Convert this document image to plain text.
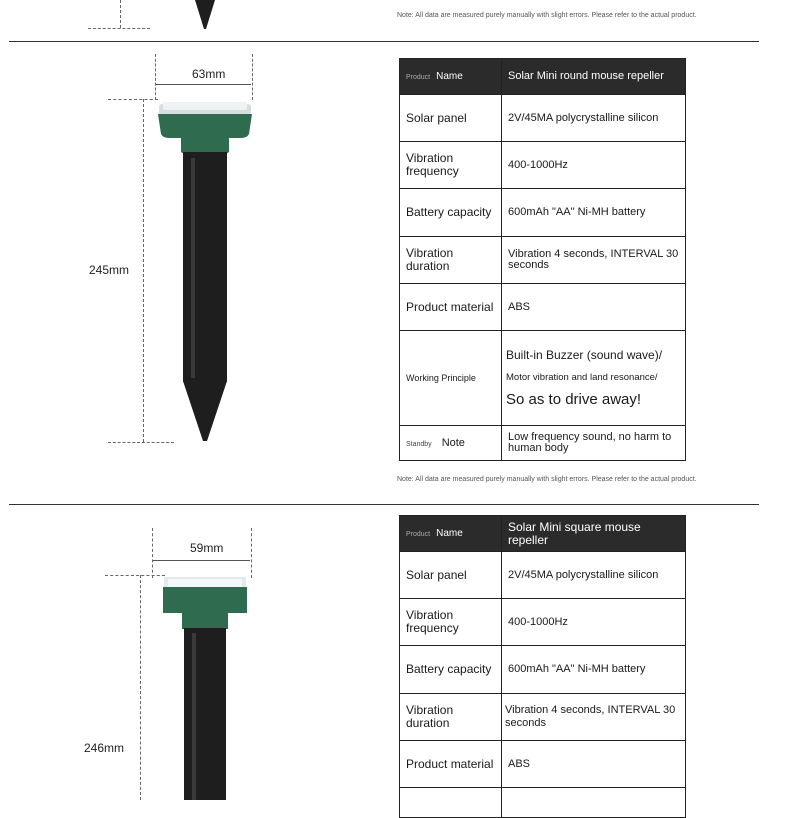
Note: All data are measured purely manually with slight errors. Please refer to the actual product.
63mm
245mm
Product Name	Solar Mini round mouse repeller
Solar panel	2V/45MA polycrystalline silicon
Vibration frequency	400-1000Hz
Battery capacity	600mAh "AA" Ni-MH battery
Vibration duration	Vibration 4 seconds, INTERVAL 30 seconds
Product material	ABS
Working Principle	Built-in Buzzer (sound wave)/
Motor vibration and land resonance/
So as to drive away!

Standby Note	Low frequency sound, no harm to human body
Note: All data are measured purely manually with slight errors. Please refer to the actual product.
59mm
246mm
Product Name	Solar Mini square mouse repeller
Solar panel	2V/45MA polycrystalline silicon
Vibration frequency	400-1000Hz
Battery capacity	600mAh "AA" Ni-MH battery
Vibration duration	Vibration 4 seconds, INTERVAL 30 seconds
Product material	ABS
